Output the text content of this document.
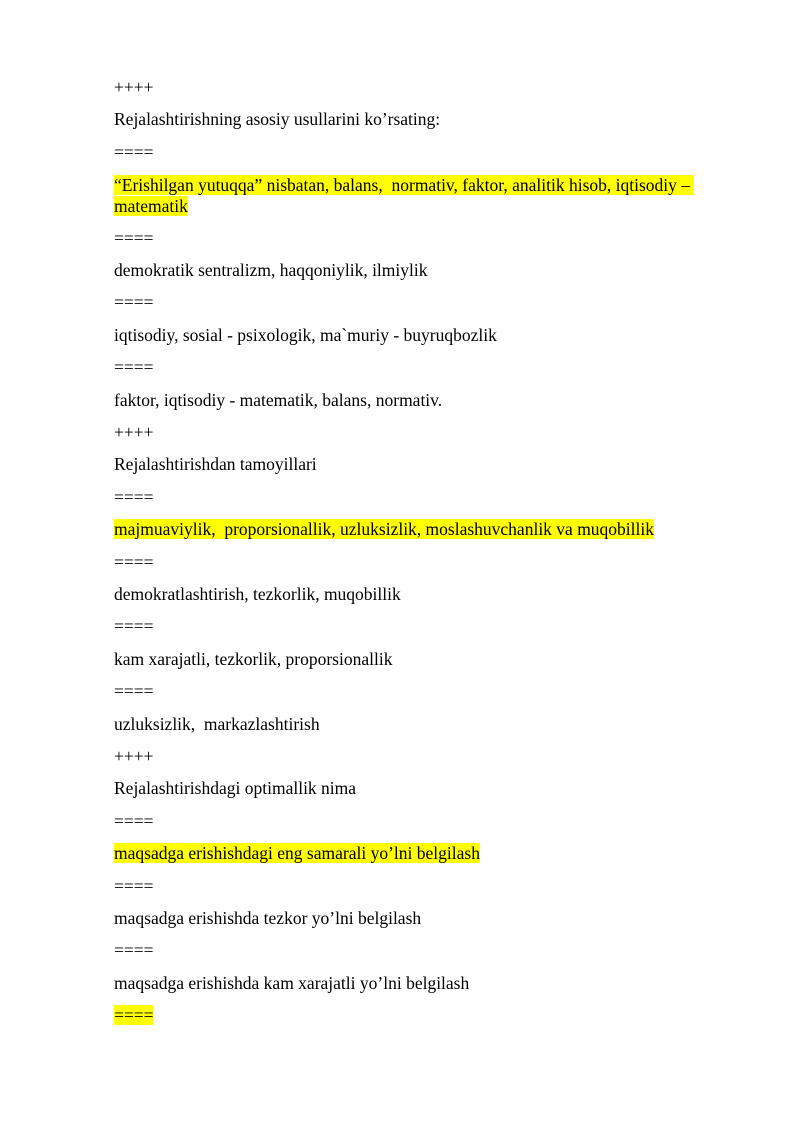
++++
Rejalashtirishning asosiy usullarini ko’rsating:
====
“Erishilgan yutuqqa” nisbatan, balans,  normativ, faktor, analitik hisob, iqtisodiy – matematik
====
demokratik sentralizm, haqqoniylik, ilmiylik
====
iqtisodiy, sosial - psixologik, ma`muriy - buyruqbozlik
====
faktor, iqtisodiy - matematik, balans, normativ.
++++
Rejalashtirishdan tamoyillari
====
majmuaviylik,  proporsionallik, uzluksizlik, moslashuvchanlik va muqobillik
====
demokratlashtirish, tezkorlik, muqobillik
====
kam xarajatli, tezkorlik, proporsionallik
====
uzluksizlik,  markazlashtirish
++++
Rejalashtirishdagi optimallik nima
====
maqsadga erishishdagi eng samarali yo’lni belgilash
====
maqsadga erishishda tezkor yo’lni belgilash
====
maqsadga erishishda kam xarajatli yo’lni belgilash
====
